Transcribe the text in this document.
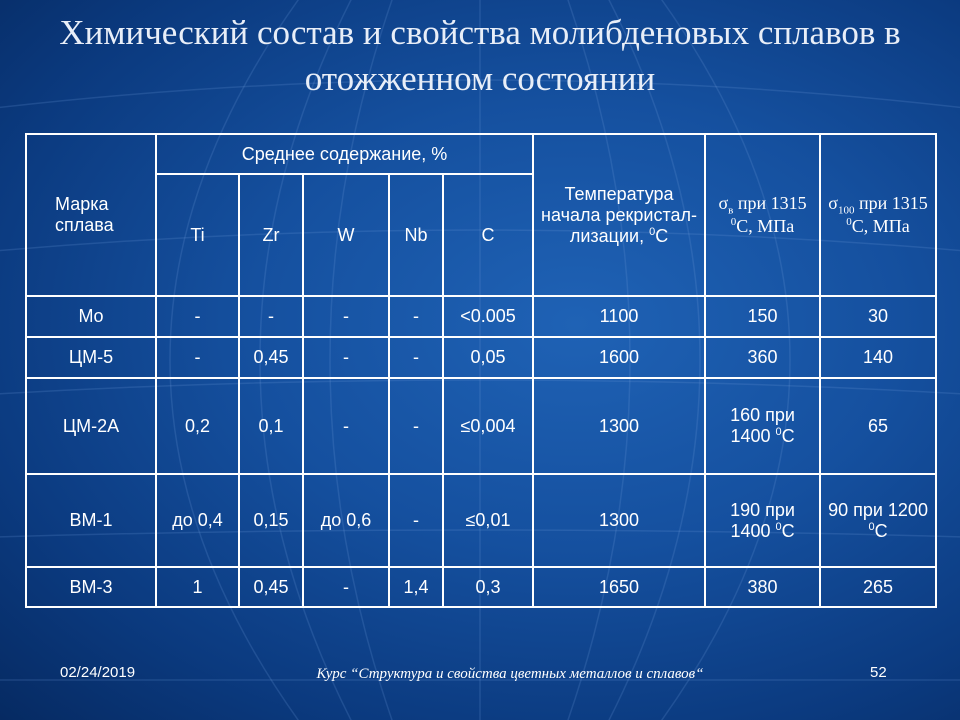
Химический состав и свойства молибденовых сплавов в отожженном состоянии
Марка сплава	Среднее содержание, %					Температура начала рекристал-лизации, $^0$С	$\sigma_в$ при 1315 $^0$С, МПа	$\sigma_{100}$ при 1315 $^0$С, МПа
	Ti	Zr	W	Nb	C			
Mo	-	-	-	-	<0.005	1100	150	30
ЦМ-5	-	0,45	-	-	0,05	1600	360	140
ЦМ-2А	0,2	0,1	-	-	≤0,004	1300	160 при 1400 $^0$С	65
ВМ-1	до 0,4	0,15	до 0,6	-	≤0,01	1300	190 при 1400 $^0$С	90 при 1200 $^0$С
ВМ-3	1	0,45	-	1,4	0,3	1650	380	265
02/24/2019	Курс “Структура и свойства цветных металлов и сплавов“	52
